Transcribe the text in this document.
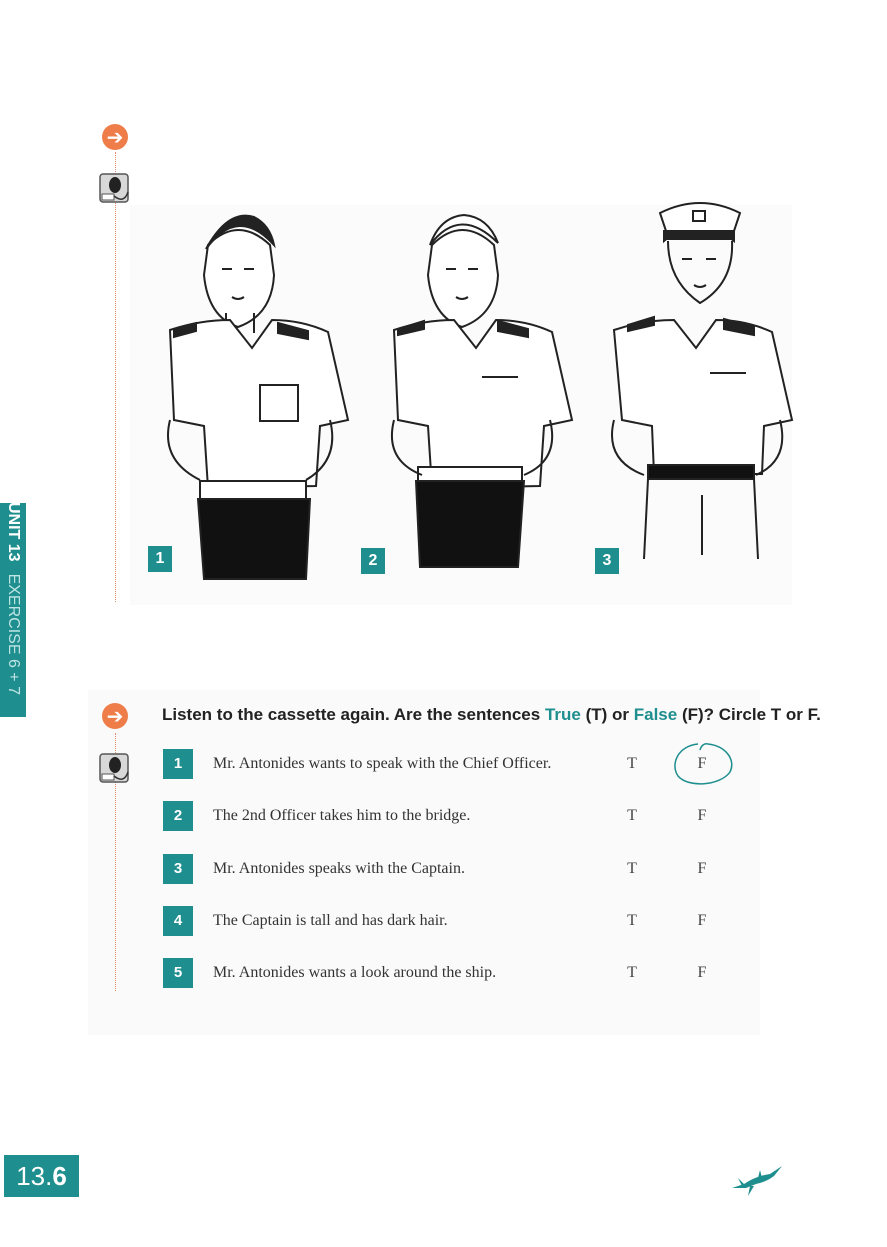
➔
UNIT 13EXERCISE 6 + 7
1	2	3
➔ Listen to the cassette again. Are the sentences True (T) or False (F)? Circle T or F.
1	Mr. Antonides wants to speak with the Chief Officer.	T	F
2	The 2nd Officer takes him to the bridge.	T	F
3	Mr. Antonides speaks with the Captain.	T	F
4	The Captain is tall and has dark hair.	T	F
5	Mr. Antonides wants a look around the ship.	T	F
13.6
